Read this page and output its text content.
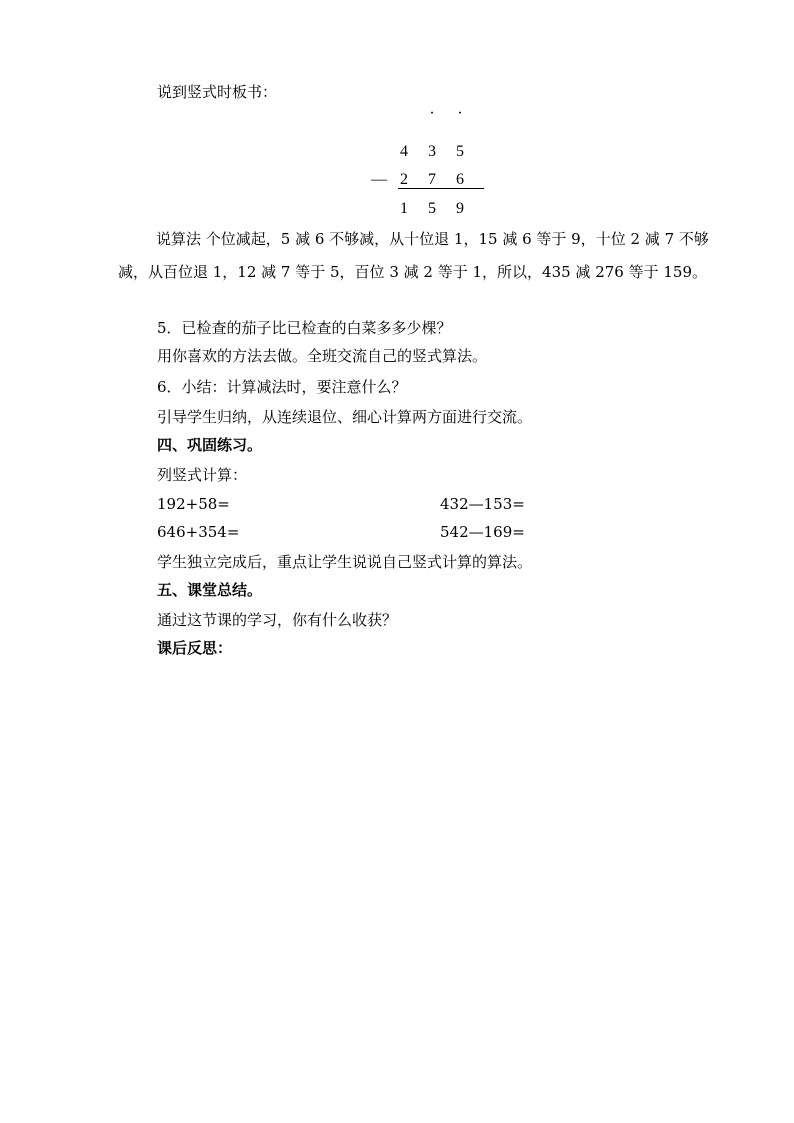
说到竖式时板书：
·	·
4 3 5
— 2 7 6
1 5 9
说算法 个位减起，5 减 6 不够减，从十位退 1，15 减 6 等于 9，十位 2 减 7 不够减，从百位退 1，12 减 7 等于 5，百位 3 减 2 等于 1，所以，435 减 276 等于 159。
5．已检查的茄子比已检查的白菜多多少棵？
用你喜欢的方法去做。全班交流自己的竖式算法。
6．小结：计算减法时，要注意什么？
引导学生归纳，从连续退位、细心计算两方面进行交流。
四、巩固练习。
列竖式计算：
192+58=	432—153=
646+354=	542—169=
学生独立完成后，重点让学生说说自己竖式计算的算法。
五、课堂总结。
通过这节课的学习，你有什么收获？
课后反思：
